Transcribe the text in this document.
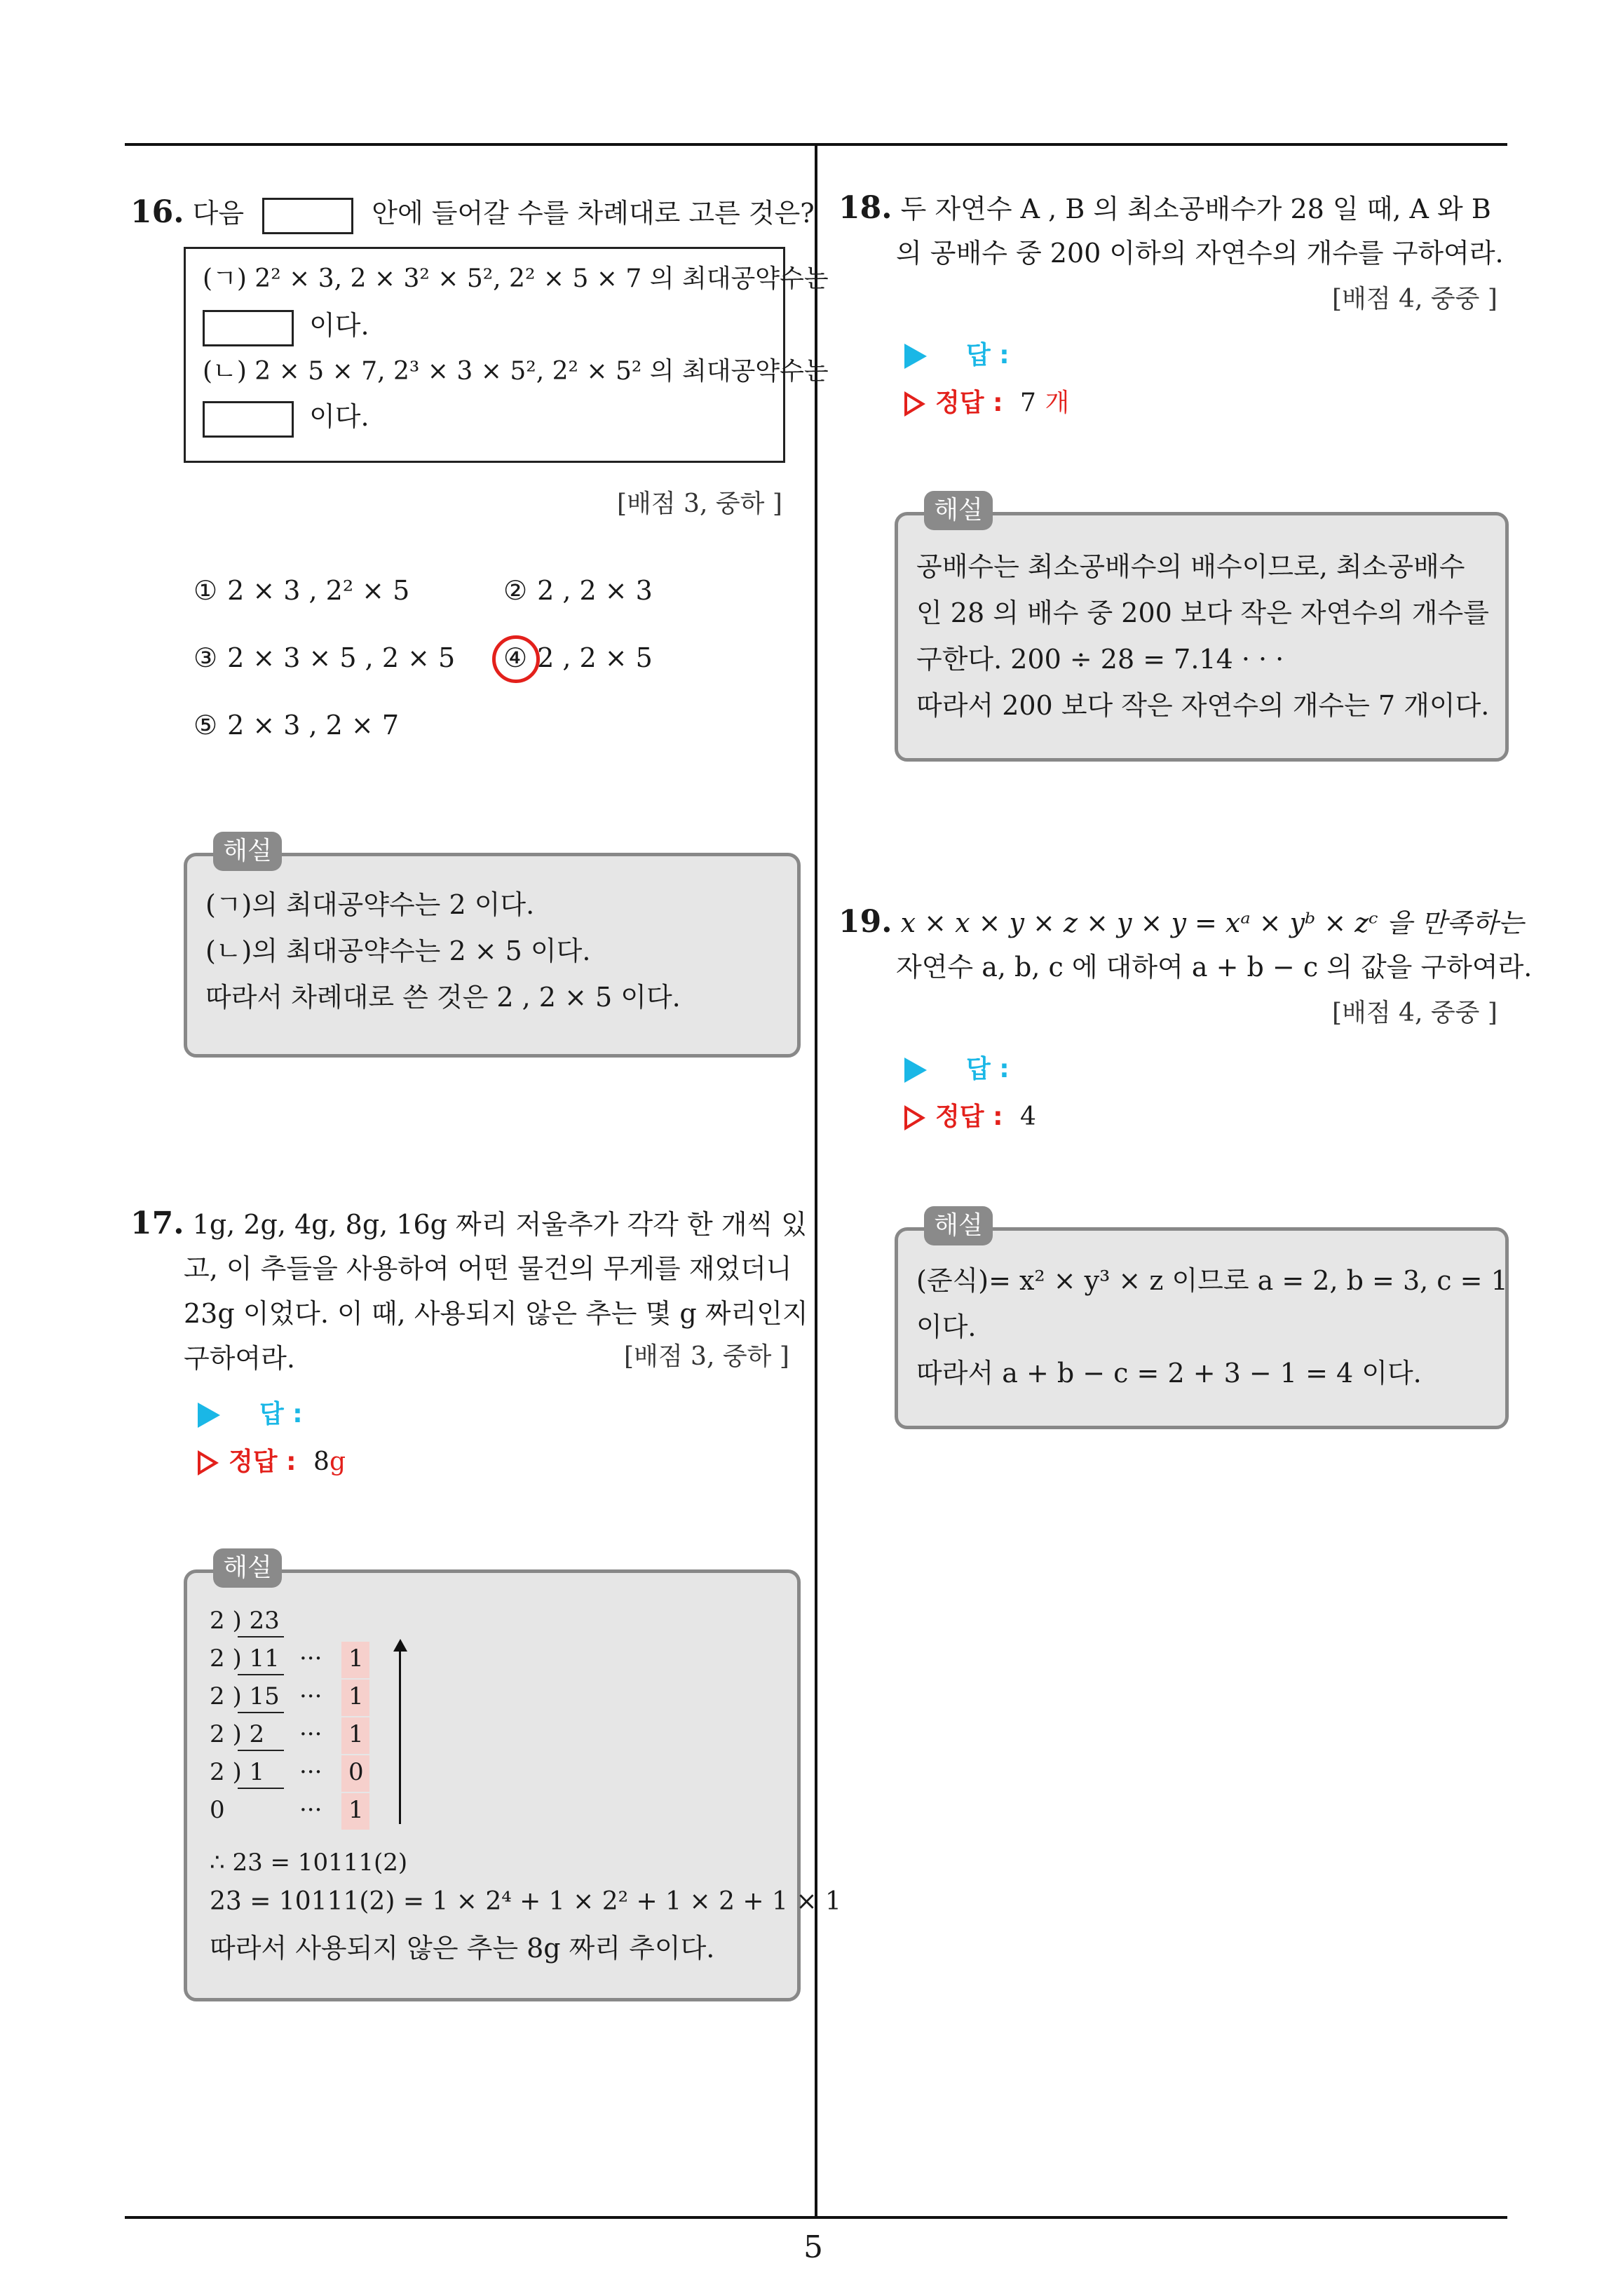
5
16. 다음	안에 들어갈 수를 차례대로 고른 것은?
(ㄱ) 2² × 3, 2 × 3² × 5², 2² × 5 × 7 의 최대공약수는
이다.
(ㄴ) 2 × 5 × 7, 2³ × 3 × 5², 2² × 5² 의 최대공약수는
이다.
[배점 3, 중하 ]
① 2 × 3 , 2² × 5	② 2 , 2 × 3
③ 2 × 3 × 5 , 2 × 5 ④ 2 , 2 × 5
⑤ 2 × 3 , 2 × 7
(ㄱ)의 최대공약수는 2 이다.
(ㄴ)의 최대공약수는 2 × 5 이다.
따라서 차례대로 쓴 것은 2 , 2 × 5 이다.
해설
17. 1g, 2g, 4g, 8g, 16g 짜리 저울추가 각각 한 개씩 있
고, 이 추들을 사용하여 어떤 물건의 무게를 재었더니
23g 이었다. 이 때, 사용되지 않은 추는 몇 g 짜리인지
구하여라.	[배점 3, 중하 ]
답 :
정답 : 8g
2 ) 23
2 ) 11 ··· 1
2 ) 15 ··· 1
2 ) 2 ··· 1
2 ) 1 ··· 0
0	··· 1
∴ 23 = 10111(2)
23 = 10111(2) = 1 × 2⁴ + 1 × 2² + 1 × 2 + 1 × 1
따라서 사용되지 않은 추는 8g 짜리 추이다.
해설
18. 두 자연수 A , B 의 최소공배수가 28 일 때, A 와 B
의 공배수 중 200 이하의 자연수의 개수를 구하여라.
[배점 4, 중중 ]
답 :
정답 : 7 개
공배수는 최소공배수의 배수이므로, 최소공배수
인 28 의 배수 중 200 보다 작은 자연수의 개수를
구한다. 200 ÷ 28 = 7.14 · · ·
따라서 200 보다 작은 자연수의 개수는 7 개이다.
해설
19. x × x × y × z × y × y = xᵃ × yᵇ × zᶜ 을 만족하는
자연수 a, b, c 에 대하여 a + b − c 의 값을 구하여라.
[배점 4, 중중 ]
답 :
정답 : 4
(준식)= x² × y³ × z 이므로 a = 2, b = 3, c = 1
이다.
따라서 a + b − c = 2 + 3 − 1 = 4 이다.
해설
